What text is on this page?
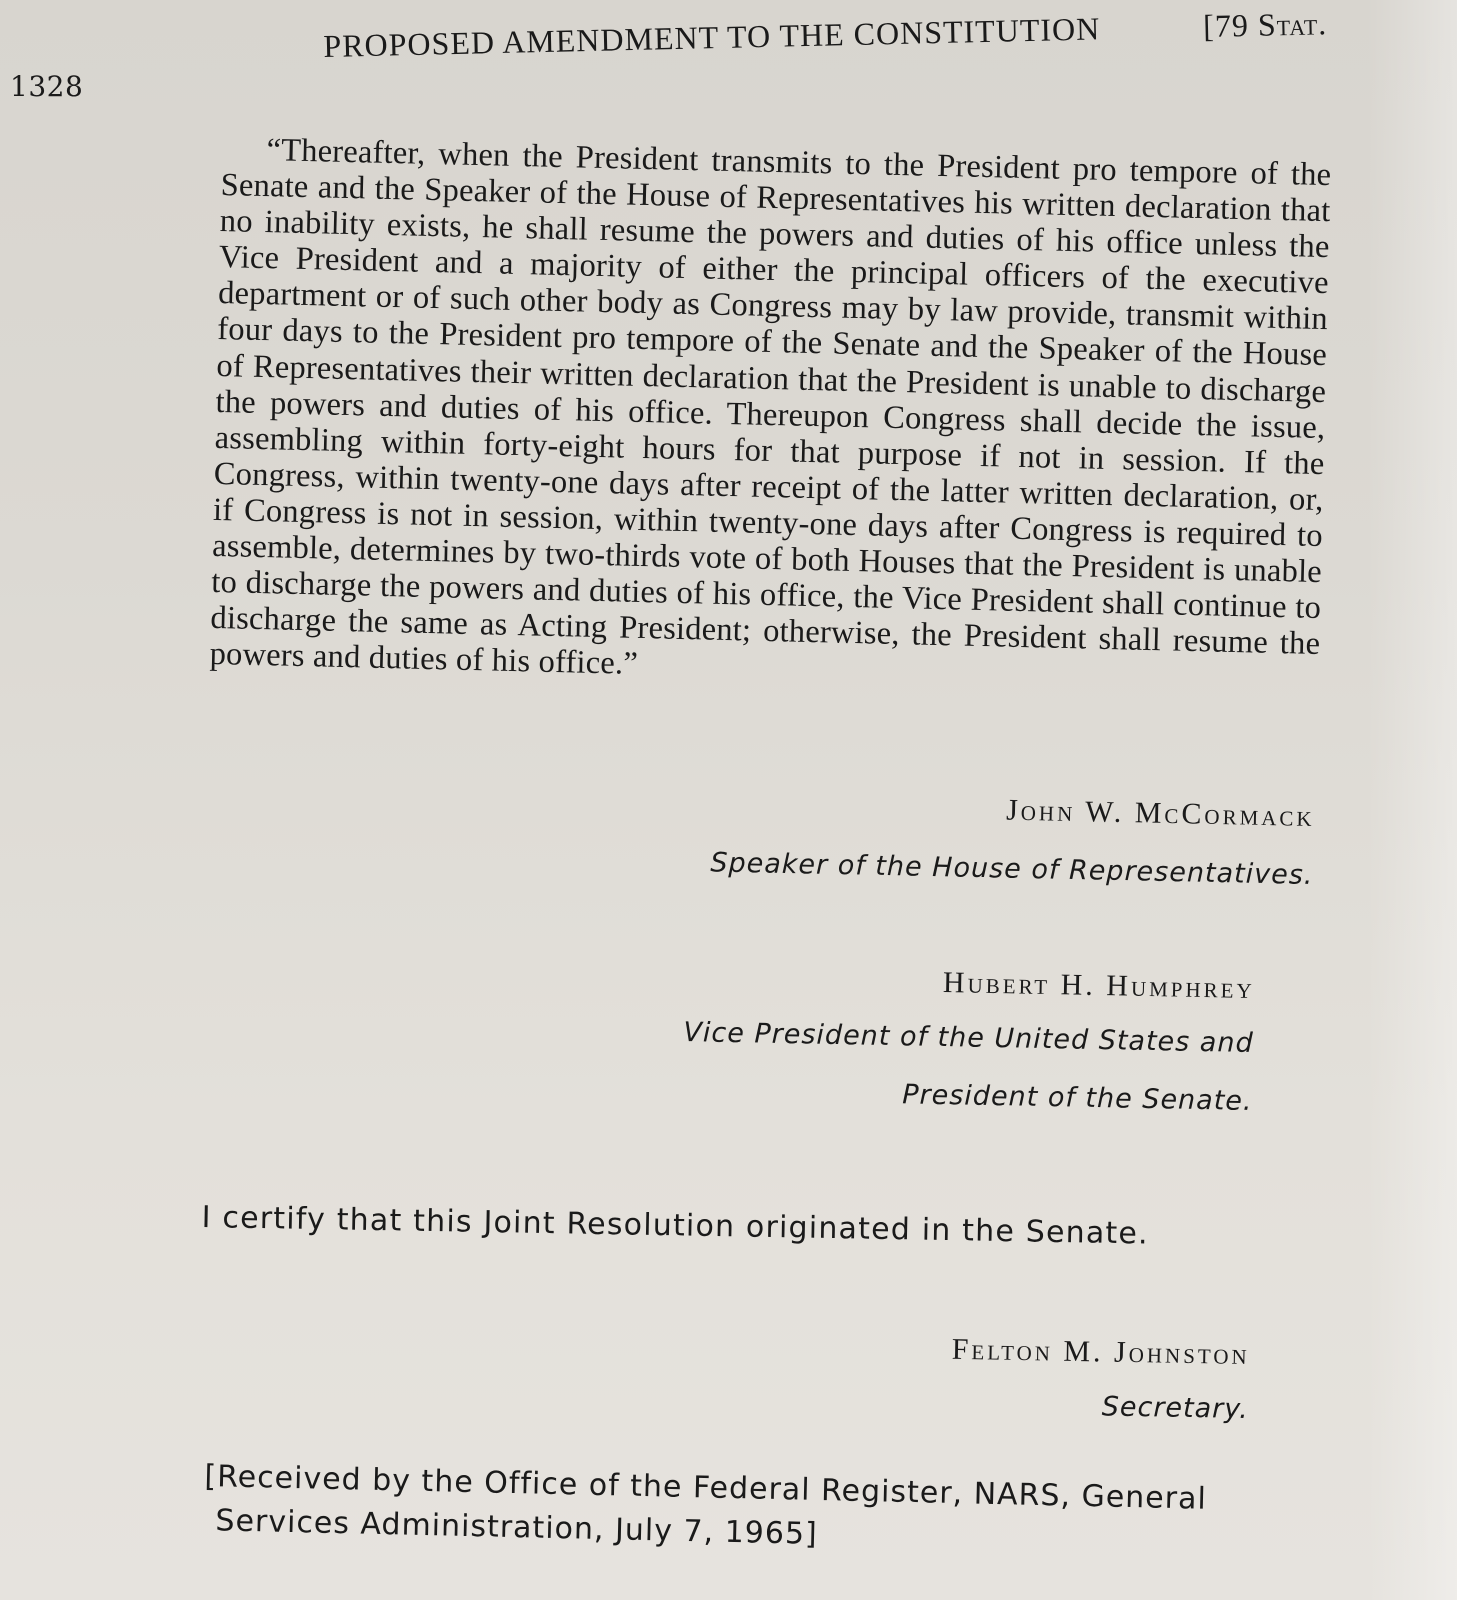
1328
PROPOSED AMENDMENT TO THE CONSTITUTION	[79 Stat.

“Thereafter, when the President transmits to the President pro tempore of the Senate and the Speaker of the House of Representatives his written declaration that no inability exists, he shall resume the powers and duties of his office unless the Vice President and a majority of either the principal officers of the executive department or of such other body as Congress may by law provide, transmit within four days to the President pro tempore of the Senate and the Speaker of the House of Representatives their written declaration that the President is unable to discharge the powers and duties of his office. Thereupon Congress shall decide the issue, assembling within forty-eight hours for that purpose if not in session. If the Congress, within twenty-one days after receipt of the latter written declaration, or, if Congress is not in session, within twenty-one days after Congress is required to assemble, determines by two-thirds vote of both Houses that the President is unable to discharge the powers and duties of his office, the Vice President shall continue to discharge the same as Acting President; otherwise, the President shall resume the powers and duties of his office.”

John W. McCormack
Speaker of the House of Representatives.
Hubert H. Humphrey
Vice President of the United States and
President of the Senate.
I certify that this Joint Resolution originated in the Senate.
Felton M. Johnston
Secretary.
[Received by the Office of the Federal Register, NARS, General
Services Administration, July 7, 1965]
